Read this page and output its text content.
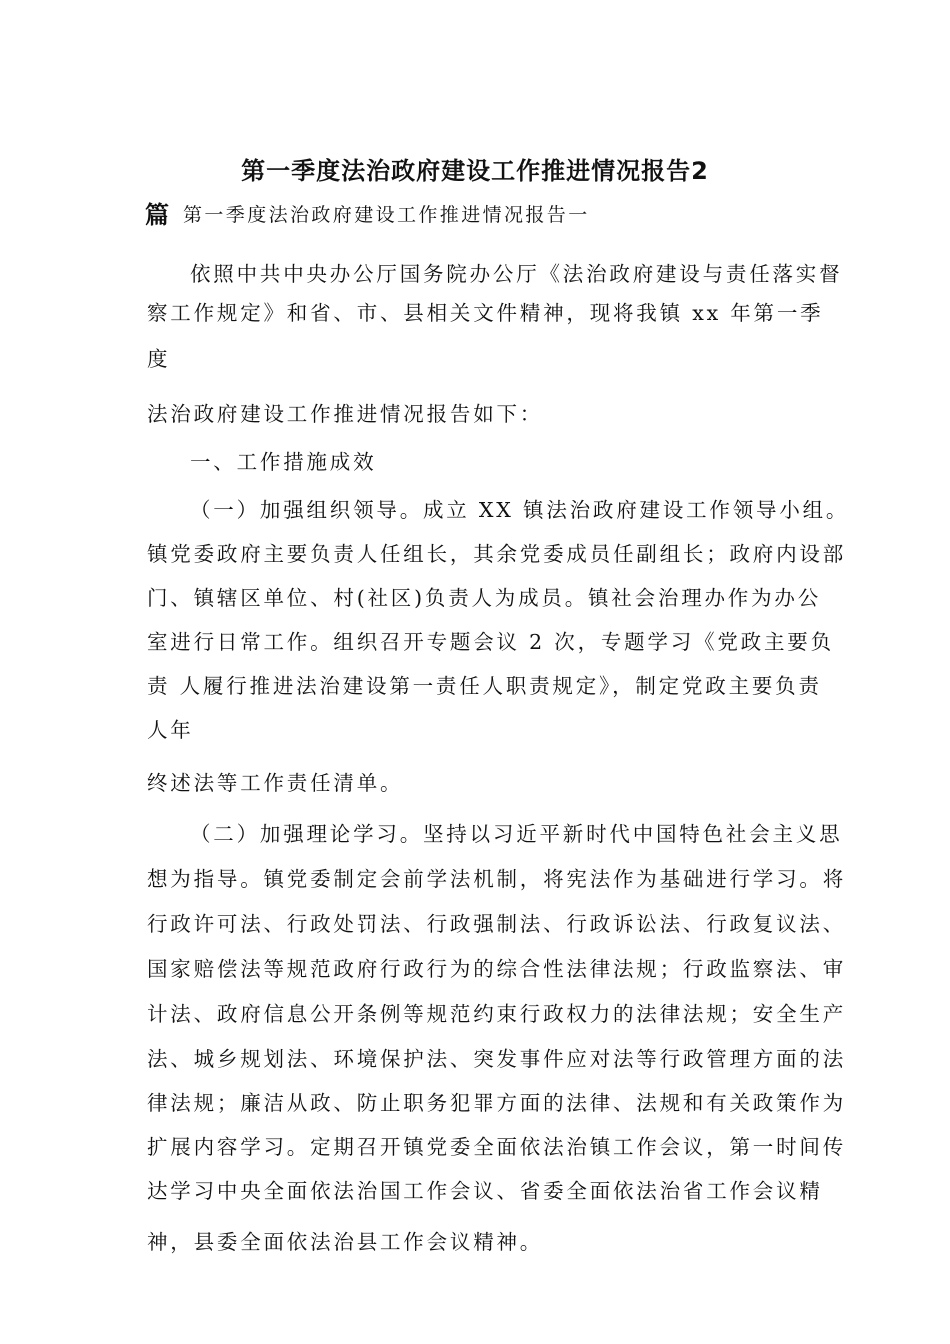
第一季度法治政府建设工作推进情况报告2
篇 第一季度法治政府建设工作推进情况报告一
依照中共中央办公厅国务院办公厅《法治政府建设与责任落实督
察工作规定》和省、市、县相关文件精神，现将我镇 xx 年第一季
度
法治政府建设工作推进情况报告如下：
一、工作措施成效
（一）加强组织领导。成立 XX 镇法治政府建设工作领导小组。
镇党委政府主要负责人任组长，其余党委成员任副组长；政府内设部
门、镇辖区单位、村(社区)负责人为成员。镇社会治理办作为办公
室进行日常工作。组织召开专题会议 2 次，专题学习《党政主要负
责 人履行推进法治建设第一责任人职责规定》，制定党政主要负责
人年
终述法等工作责任清单。
（二）加强理论学习。坚持以习近平新时代中国特色社会主义思
想为指导。镇党委制定会前学法机制，将宪法作为基础进行学习。将
行政许可法、行政处罚法、行政强制法、行政诉讼法、行政复议法、
国家赔偿法等规范政府行政行为的综合性法律法规；行政监察法、审
计法、政府信息公开条例等规范约束行政权力的法律法规；安全生产
法、城乡规划法、环境保护法、突发事件应对法等行政管理方面的法
律法规；廉洁从政、防止职务犯罪方面的法律、法规和有关政策作为
扩展内容学习。定期召开镇党委全面依法治镇工作会议，第一时间传
达学习中央全面依法治国工作会议、省委全面依法治省工作会议精
神，县委全面依法治县工作会议精神。
